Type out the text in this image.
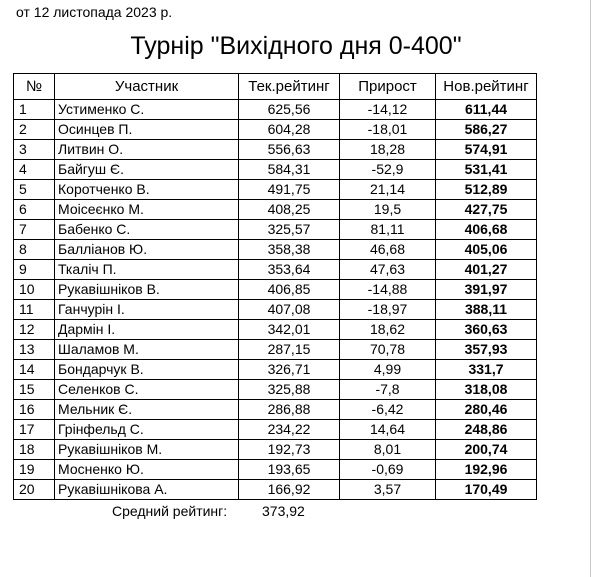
от 12 листопада 2023 р.
Турнір "Вихідного дня 0-400"
№	Участник	Тек.рейтинг	Прирост	Нов.рейтинг
1	Устименко С.	625,56	-14,12	611,44
2	Осинцев П.	604,28	-18,01	586,27
3	Литвин О.	556,63	18,28	574,91
4	Байгуш Є.	584,31	-52,9	531,41
5	Коротченко В.	491,75	21,14	512,89
6	Моісеєнко М.	408,25	19,5	427,75
7	Бабенко С.	325,57	81,11	406,68
8	Балліанов Ю.	358,38	46,68	405,06
9	Ткаліч П.	353,64	47,63	401,27
10	Рукавішніков В.	406,85	-14,88	391,97
11	Ганчурін І.	407,08	-18,97	388,11
12	Дармін І.	342,01	18,62	360,63
13	Шаламов М.	287,15	70,78	357,93
14	Бондарчук В.	326,71	4,99	331,7
15	Селенков С.	325,88	-7,8	318,08
16	Мельник Є.	286,88	-6,42	280,46
17	Грінфельд С.	234,22	14,64	248,86
18	Рукавішніков М.	192,73	8,01	200,74
19	Мосненко Ю.	193,65	-0,69	192,96
20	Рукавішнікова А.	166,92	3,57	170,49
Средний рейтинг: 373,92
